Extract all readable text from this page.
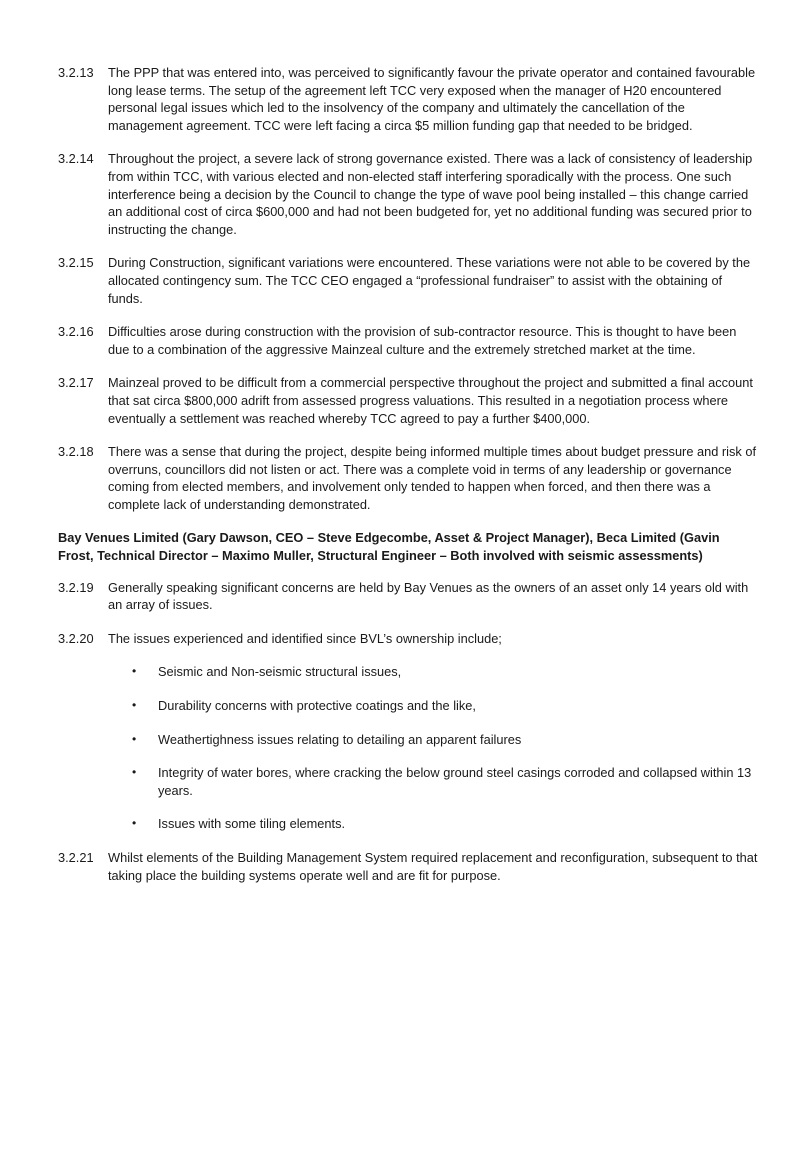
3.2.13	The PPP that was entered into, was perceived to significantly favour the private operator and contained favourable long lease terms. The setup of the agreement left TCC very exposed when the manager of H20 encountered personal legal issues which led to the insolvency of the company and ultimately the cancellation of the management agreement. TCC were left facing a circa $5 million funding gap that needed to be bridged.
3.2.14	Throughout the project, a severe lack of strong governance existed. There was a lack of consistency of leadership from within TCC, with various elected and non-elected staff interfering sporadically with the process. One such interference being a decision by the Council to change the type of wave pool being installed – this change carried an additional cost of circa $600,000 and had not been budgeted for, yet no additional funding was secured prior to instructing the change.
3.2.15	During Construction, significant variations were encountered. These variations were not able to be covered by the allocated contingency sum. The TCC CEO engaged a “professional fundraiser” to assist with the obtaining of funds.
3.2.16	Difficulties arose during construction with the provision of sub-contractor resource. This is thought to have been due to a combination of the aggressive Mainzeal culture and the extremely stretched market at the time.
3.2.17	Mainzeal proved to be difficult from a commercial perspective throughout the project and submitted a final account that sat circa $800,000 adrift from assessed progress valuations. This resulted in a negotiation process where eventually a settlement was reached whereby TCC agreed to pay a further $400,000.
3.2.18	There was a sense that during the project, despite being informed multiple times about budget pressure and risk of overruns, councillors did not listen or act. There was a complete void in terms of any leadership or governance coming from elected members, and involvement only tended to happen when forced, and then there was a complete lack of understanding demonstrated.
Bay Venues Limited (Gary Dawson, CEO – Steve Edgecombe, Asset & Project Manager), Beca Limited (Gavin Frost, Technical Director – Maximo Muller, Structural Engineer – Both involved with seismic assessments)
3.2.19	Generally speaking significant concerns are held by Bay Venues as the owners of an asset only 14 years old with an array of issues.
3.2.20	The issues experienced and identified since BVL’s ownership include;
•	Seismic and Non-seismic structural issues,
•	Durability concerns with protective coatings and the like,
•	Weathertighness issues relating to detailing an apparent failures
•	Integrity of water bores, where cracking the below ground steel casings corroded and collapsed within 13 years.
•	Issues with some tiling elements.
3.2.21	Whilst elements of the Building Management System required replacement and reconfiguration, subsequent to that taking place the building systems operate well and are fit for purpose.
